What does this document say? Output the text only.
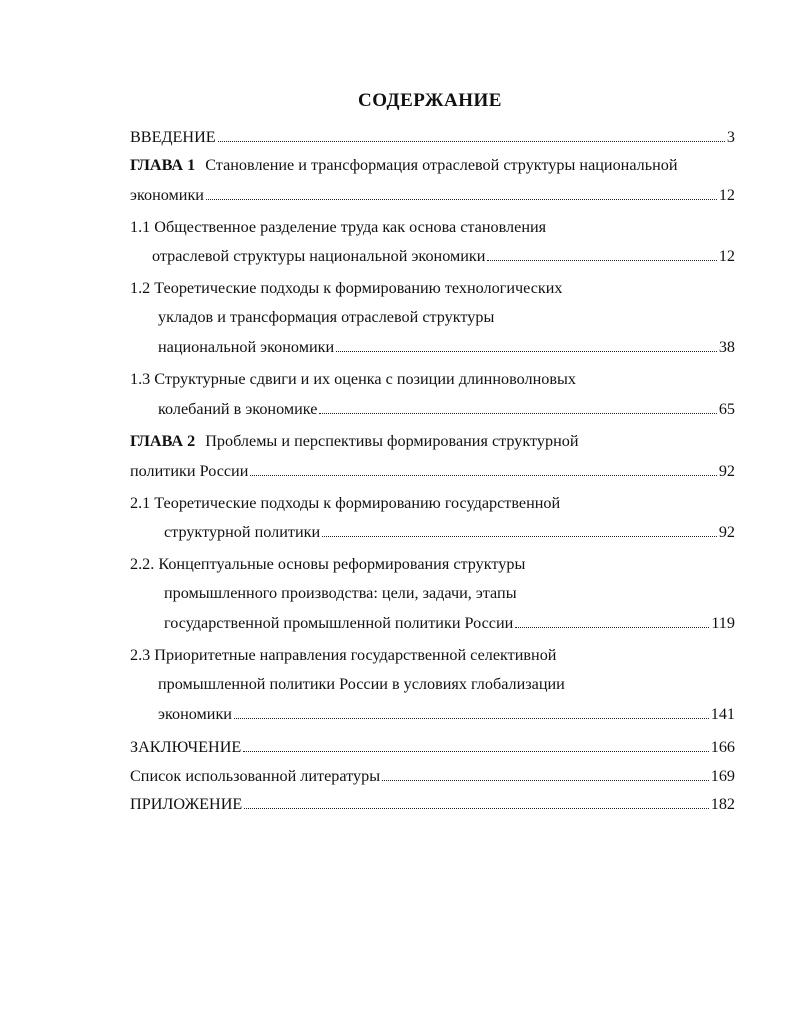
СОДЕРЖАНИЕ
ВВЕДЕНИЕ	3
ГЛАВА 1 Становление и трансформация отраслевой структуры национальной
экономики	12
1.1 Общественное разделение труда как основа становления
отраслевой структуры национальной экономики	12
1.2 Теоретические подходы к формированию технологических
укладов и трансформация отраслевой структуры
национальной экономики	38
1.3 Структурные сдвиги и их оценка с позиции длинноволновых
колебаний в экономике	65
ГЛАВА 2 Проблемы и перспективы формирования структурной
политики России	92
2.1 Теоретические подходы к формированию государственной
структурной политики	92
2.2. Концептуальные основы реформирования структуры
промышленного производства: цели, задачи, этапы
государственной промышленной политики России	119
2.3 Приоритетные направления государственной селективной
промышленной политики России в условиях глобализации
экономики	141
ЗАКЛЮЧЕНИЕ	166
Список использованной литературы	169
ПРИЛОЖЕНИЕ	182
